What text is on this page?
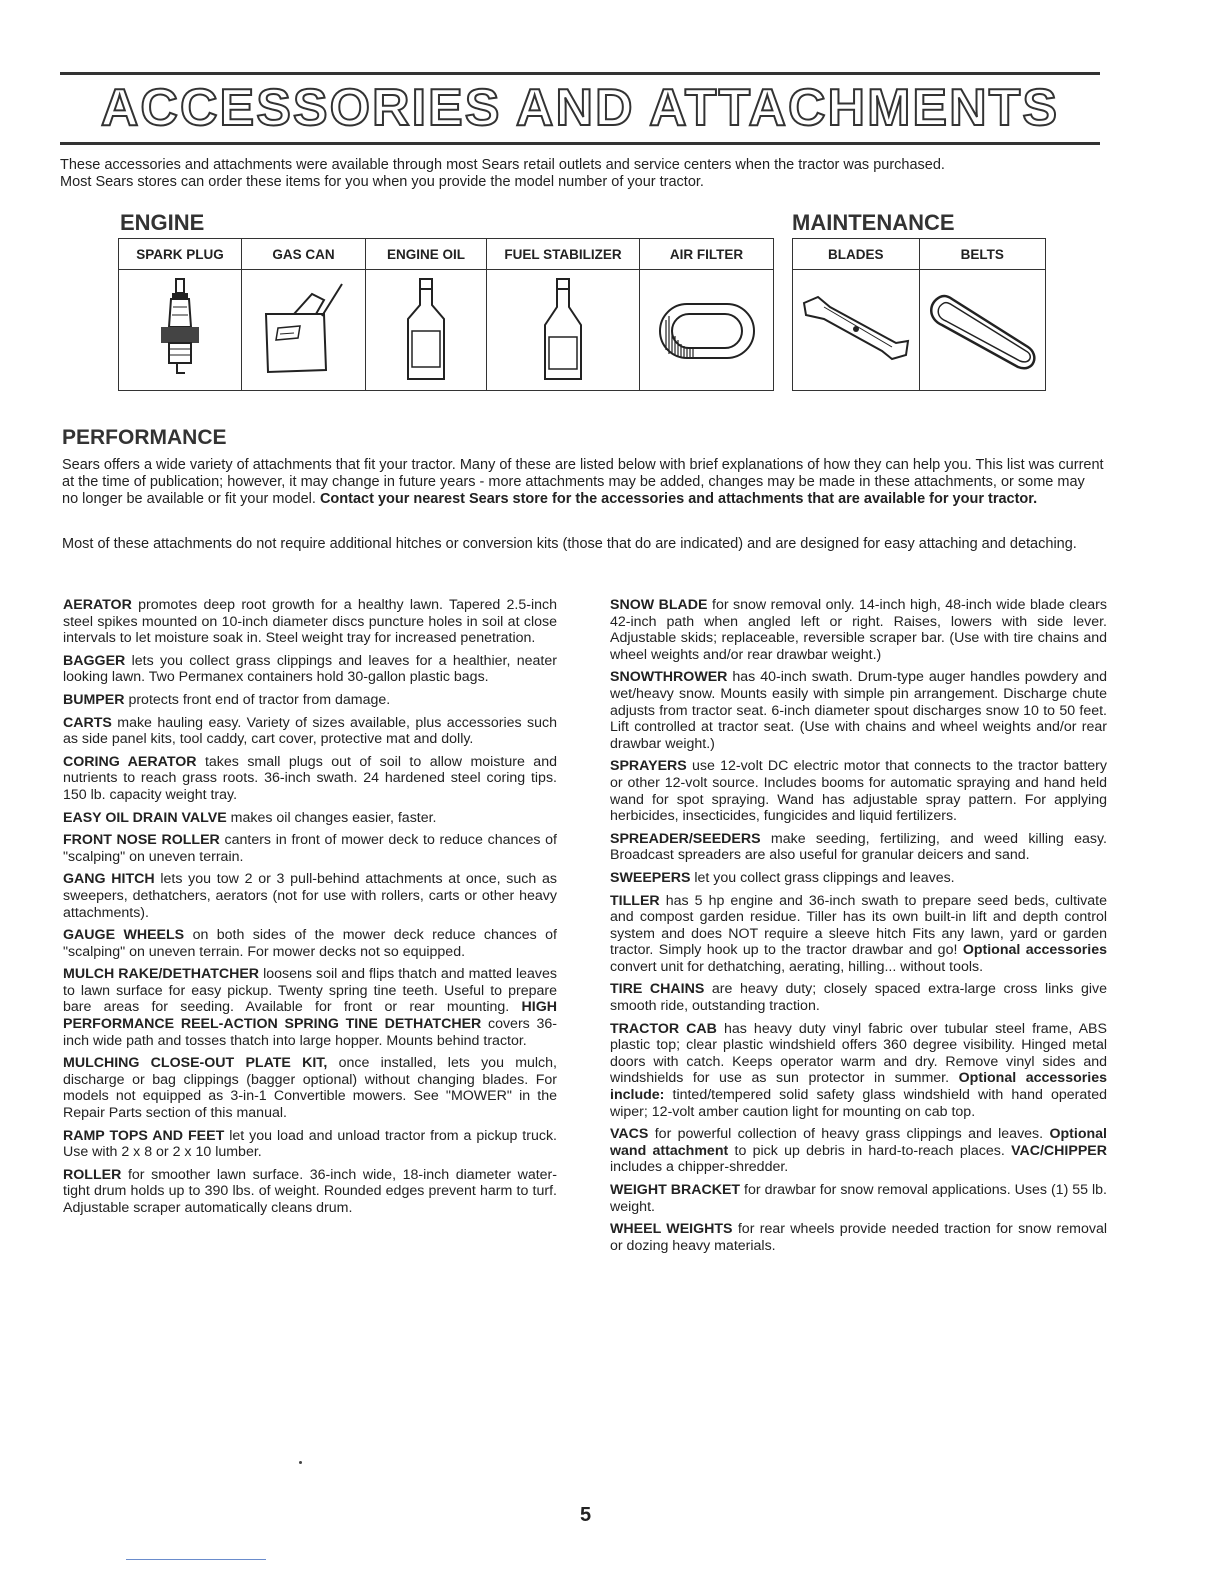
ACCESSORIES AND ATTACHMENTS
These accessories and attachments were available through most Sears retail outlets and service centers when the tractor was purchased.
Most Sears stores can order these items for you when you provide the model number of your tractor.
ENGINE	MAINTENANCE
SPARK PLUG	GAS CAN	ENGINE OIL	FUEL STABILIZER	AIR FILTER

		BLADES	BELTS

PERFORMANCE
Sears offers a wide variety of attachments that fit your tractor. Many of these are listed below with brief explanations of how they can help you. This list was current at the time of publication; however, it may change in future years - more attachments may be added, changes may be made in these attachments, or some may no longer be available or fit your model. Contact your nearest Sears store for the accessories and attachments that are available for your tractor.
Most of these attachments do not require additional hitches or conversion kits (those that do are indicated) and are designed for easy attaching and detaching.

AERATOR promotes deep root growth for a healthy lawn. Tapered 2.5-inch steel spikes mounted on 10-inch diameter discs puncture holes in soil at close intervals to let moisture soak in. Steel weight tray for increased penetration.

BAGGER lets you collect grass clippings and leaves for a healthier, neater looking lawn. Two Permanex containers hold 30-gallon plastic bags.

BUMPER protects front end of tractor from damage.

CARTS make hauling easy. Variety of sizes available, plus accessories such as side panel kits, tool caddy, cart cover, protective mat and dolly.

CORING AERATOR takes small plugs out of soil to allow moisture and nutrients to reach grass roots. 36-inch swath. 24 hardened steel coring tips. 150 lb. capacity weight tray.

EASY OIL DRAIN VALVE makes oil changes easier, faster.

FRONT NOSE ROLLER canters in front of mower deck to reduce chances of "scalping" on uneven terrain.

GANG HITCH lets you tow 2 or 3 pull-behind attachments at once, such as sweepers, dethatchers, aerators (not for use with rollers, carts or other heavy attachments).

GAUGE WHEELS on both sides of the mower deck reduce chances of "scalping" on uneven terrain. For mower decks not so equipped.

MULCH RAKE/DETHATCHER loosens soil and flips thatch and matted leaves to lawn surface for easy pickup. Twenty spring tine teeth. Useful to prepare bare areas for seeding. Available for front or rear mounting. HIGH PERFORMANCE REEL-ACTION SPRING TINE DETHATCHER covers 36-inch wide path and tosses thatch into large hopper. Mounts behind tractor.

MULCHING CLOSE-OUT PLATE KIT, once installed, lets you mulch, discharge or bag clippings (bagger optional) without changing blades. For models not equipped as 3-in-1 Convertible mowers. See "MOWER" in the Repair Parts section of this manual.

RAMP TOPS AND FEET let you load and unload tractor from a pickup truck. Use with 2 x 8 or 2 x 10 lumber.

ROLLER for smoother lawn surface. 36-inch wide, 18-inch diameter water-tight drum holds up to 390 lbs. of weight. Rounded edges prevent harm to turf. Adjustable scraper automatically cleans drum.

SNOW BLADE for snow removal only. 14-inch high, 48-inch wide blade clears 42-inch path when angled left or right. Raises, lowers with side lever. Adjustable skids; replaceable, reversible scraper bar. (Use with tire chains and wheel weights and/or rear drawbar weight.)

SNOWTHROWER has 40-inch swath. Drum-type auger handles powdery and wet/heavy snow. Mounts easily with simple pin arrangement. Discharge chute adjusts from tractor seat. 6-inch diameter spout discharges snow 10 to 50 feet. Lift controlled at tractor seat. (Use with chains and wheel weights and/or rear drawbar weight.)

SPRAYERS use 12-volt DC electric motor that connects to the tractor battery or other 12-volt source. Includes booms for automatic spraying and hand held wand for spot spraying. Wand has adjustable spray pattern. For applying herbicides, insecticides, fungicides and liquid fertilizers.

SPREADER/SEEDERS make seeding, fertilizing, and weed killing easy. Broadcast spreaders are also useful for granular deicers and sand.

SWEEPERS let you collect grass clippings and leaves.

TILLER has 5 hp engine and 36-inch swath to prepare seed beds, cultivate and compost garden residue. Tiller has its own built-in lift and depth control system and does NOT require a sleeve hitch Fits any lawn, yard or garden tractor. Simply hook up to the tractor drawbar and go! Optional accessories convert unit for dethatching, aerating, hilling... without tools.

TIRE CHAINS are heavy duty; closely spaced extra-large cross links give smooth ride, outstanding traction.

TRACTOR CAB has heavy duty vinyl fabric over tubular steel frame, ABS plastic top; clear plastic windshield offers 360 degree visibility. Hinged metal doors with catch. Keeps operator warm and dry. Remove vinyl sides and windshields for use as sun protector in summer. Optional accessories include: tinted/tempered solid safety glass windshield with hand operated wiper; 12-volt amber caution light for mounting on cab top.

VACS for powerful collection of heavy grass clippings and leaves. Optional wand attachment to pick up debris in hard-to-reach places. VAC/CHIPPER includes a chipper-shredder.

WEIGHT BRACKET for drawbar for snow removal applications. Uses (1) 55 lb. weight.

WHEEL WEIGHTS for rear wheels provide needed traction for snow removal or dozing heavy materials.

5
